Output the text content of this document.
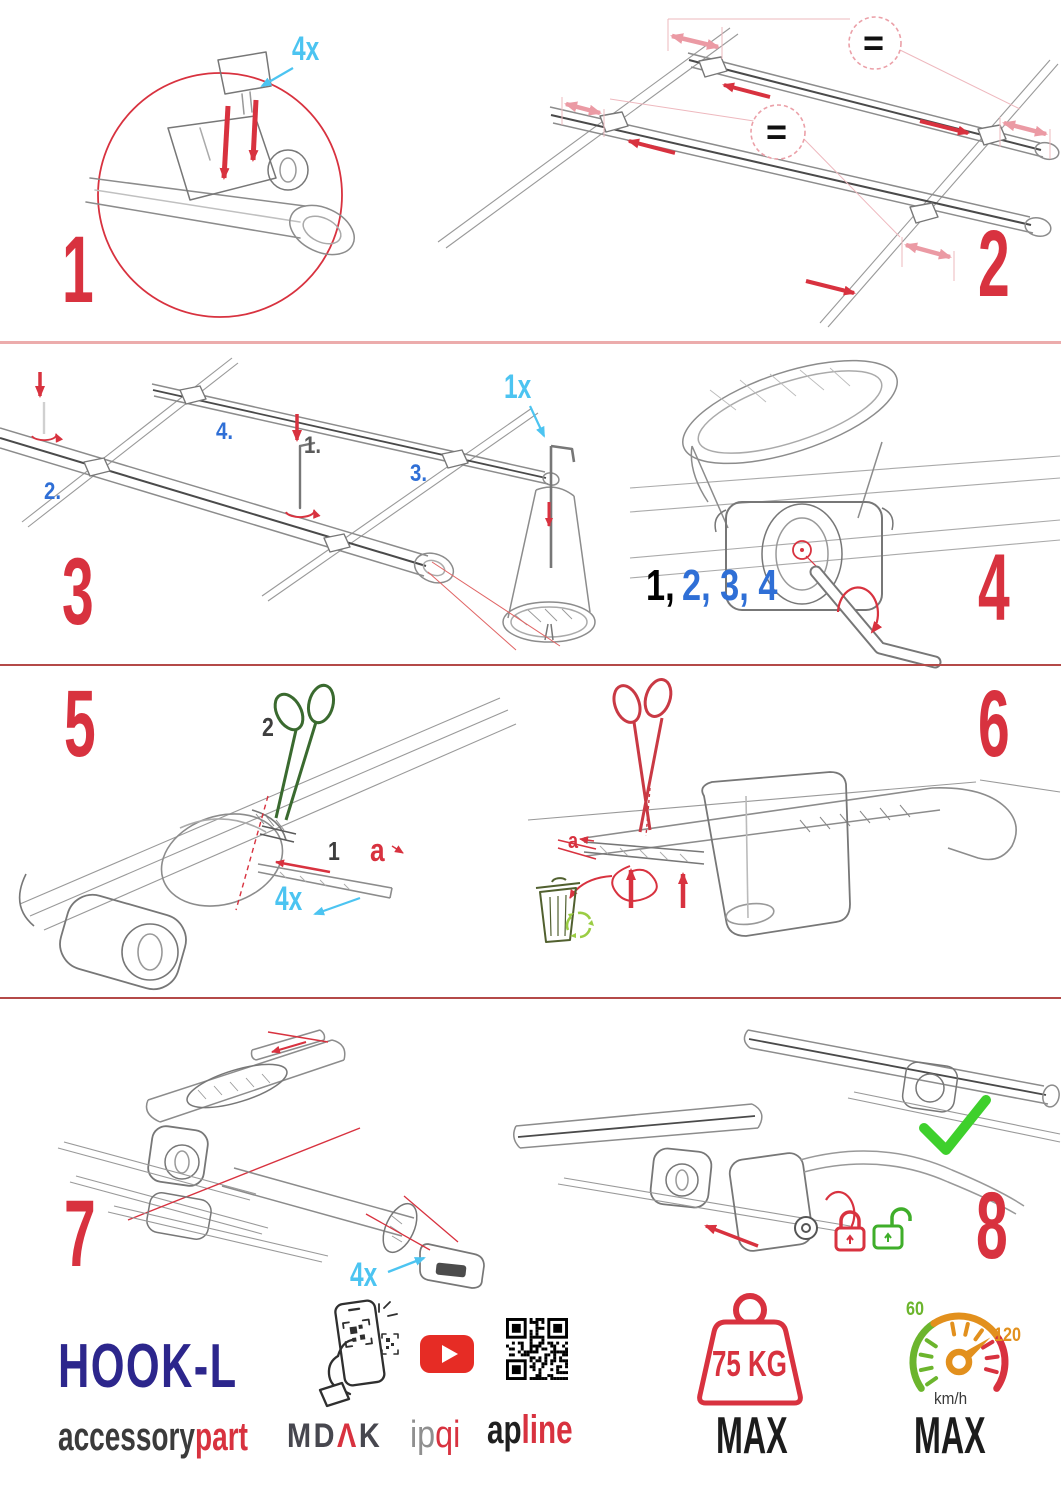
4x
1
=
=
2
2.
4.
1.
3.
1x
3	1, 2, 3, 4 4
2
1 a
4x
5
a
6
4x
7	8
HOOK-L
accessorypart MDΛK ipqi apline
75 KG
MAX
60
120
km/h
MAX
